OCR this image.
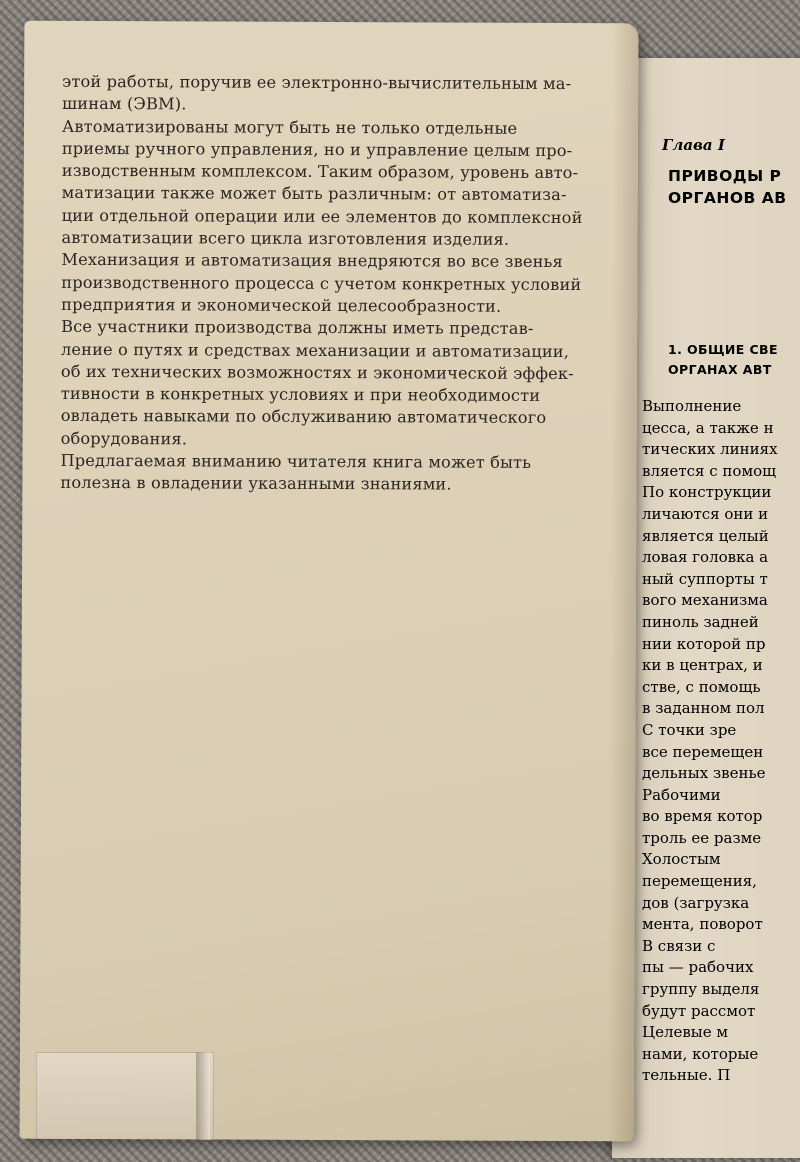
Глава I
ПРИВОДЫ Р
ОРГАНОВ АВ
1. ОБЩИЕ СВЕ
ОРГАНАХ АВТ
Выполнение
цесса, а также н
тических линиях
вляется с помощ
По конструкции
личаются они и
является целый
ловая головка а
ный суппорты т
вого механизма
пиноль задней
нии которой пр
ки в центрах, и
стве, с помощь
в заданном пол
С точки зре
все перемещен
дельных звенье
Рабочими
во время котор
троль ее разме
Холостым
перемещения,
дов (загрузка
мента, поворот
В связи с
пы — рабочих
группу выделя
будут рассмот
Целевые м
нами, которые
тельные. П
этой работы, поручив ее электронно-вычислительным ма-
шинам (ЭВМ).
Автоматизированы могут быть не только отдельные
приемы ручного управления, но и управление целым про-
изводственным комплексом. Таким образом, уровень авто-
матизации также может быть различным: от автоматиза-
ции отдельной операции или ее элементов до комплексной
автоматизации всего цикла изготовления изделия.
Механизация и автоматизация внедряются во все звенья
производственного процесса с учетом конкретных условий
предприятия и экономической целесообразности.
Все участники производства должны иметь представ-
ление о путях и средствах механизации и автоматизации,
об их технических возможностях и экономической эффек-
тивности в конкретных условиях и при необходимости
овладеть навыками по обслуживанию автоматического
оборудования.
Предлагаемая вниманию читателя книга может быть
полезна в овладении указанными знаниями.
